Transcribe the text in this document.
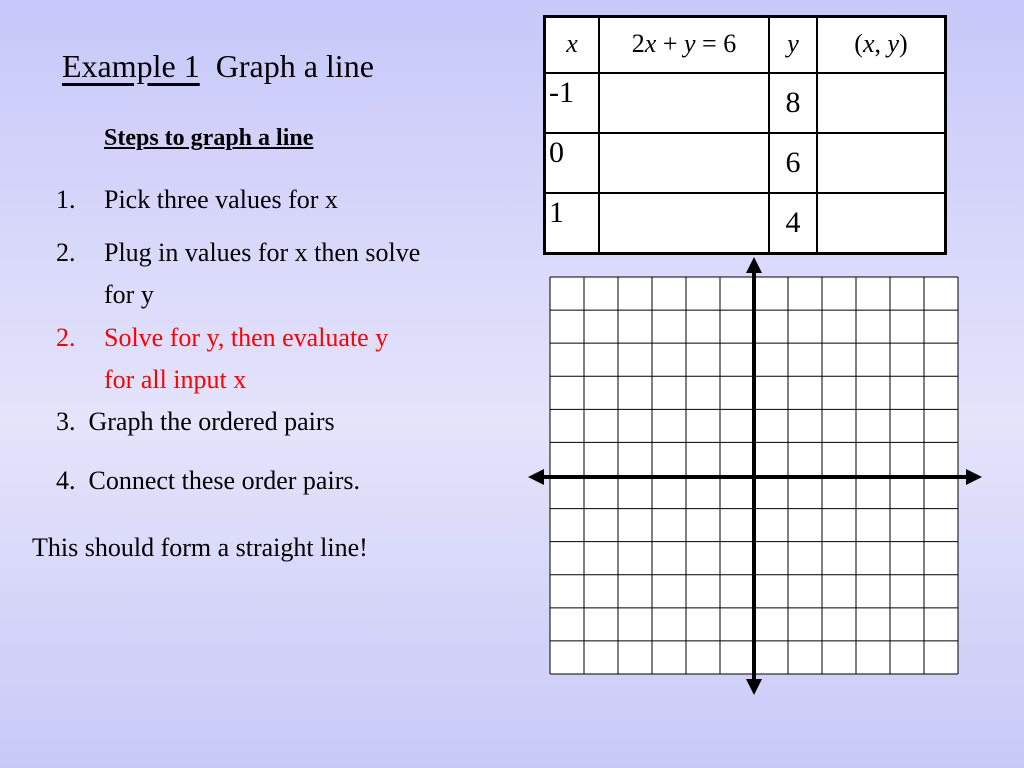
Example 1 Graph a line
Steps to graph a line
1. Pick three values for x
2. Plug in values for x then solve
for y
2. Solve for y, then evaluate y
for all input x
3. Graph the ordered pairs
4. Connect these order pairs.
This should form a straight line!
x	2x + y = 6	y	(x, y)
-1		8	
0		6	
1		4	
